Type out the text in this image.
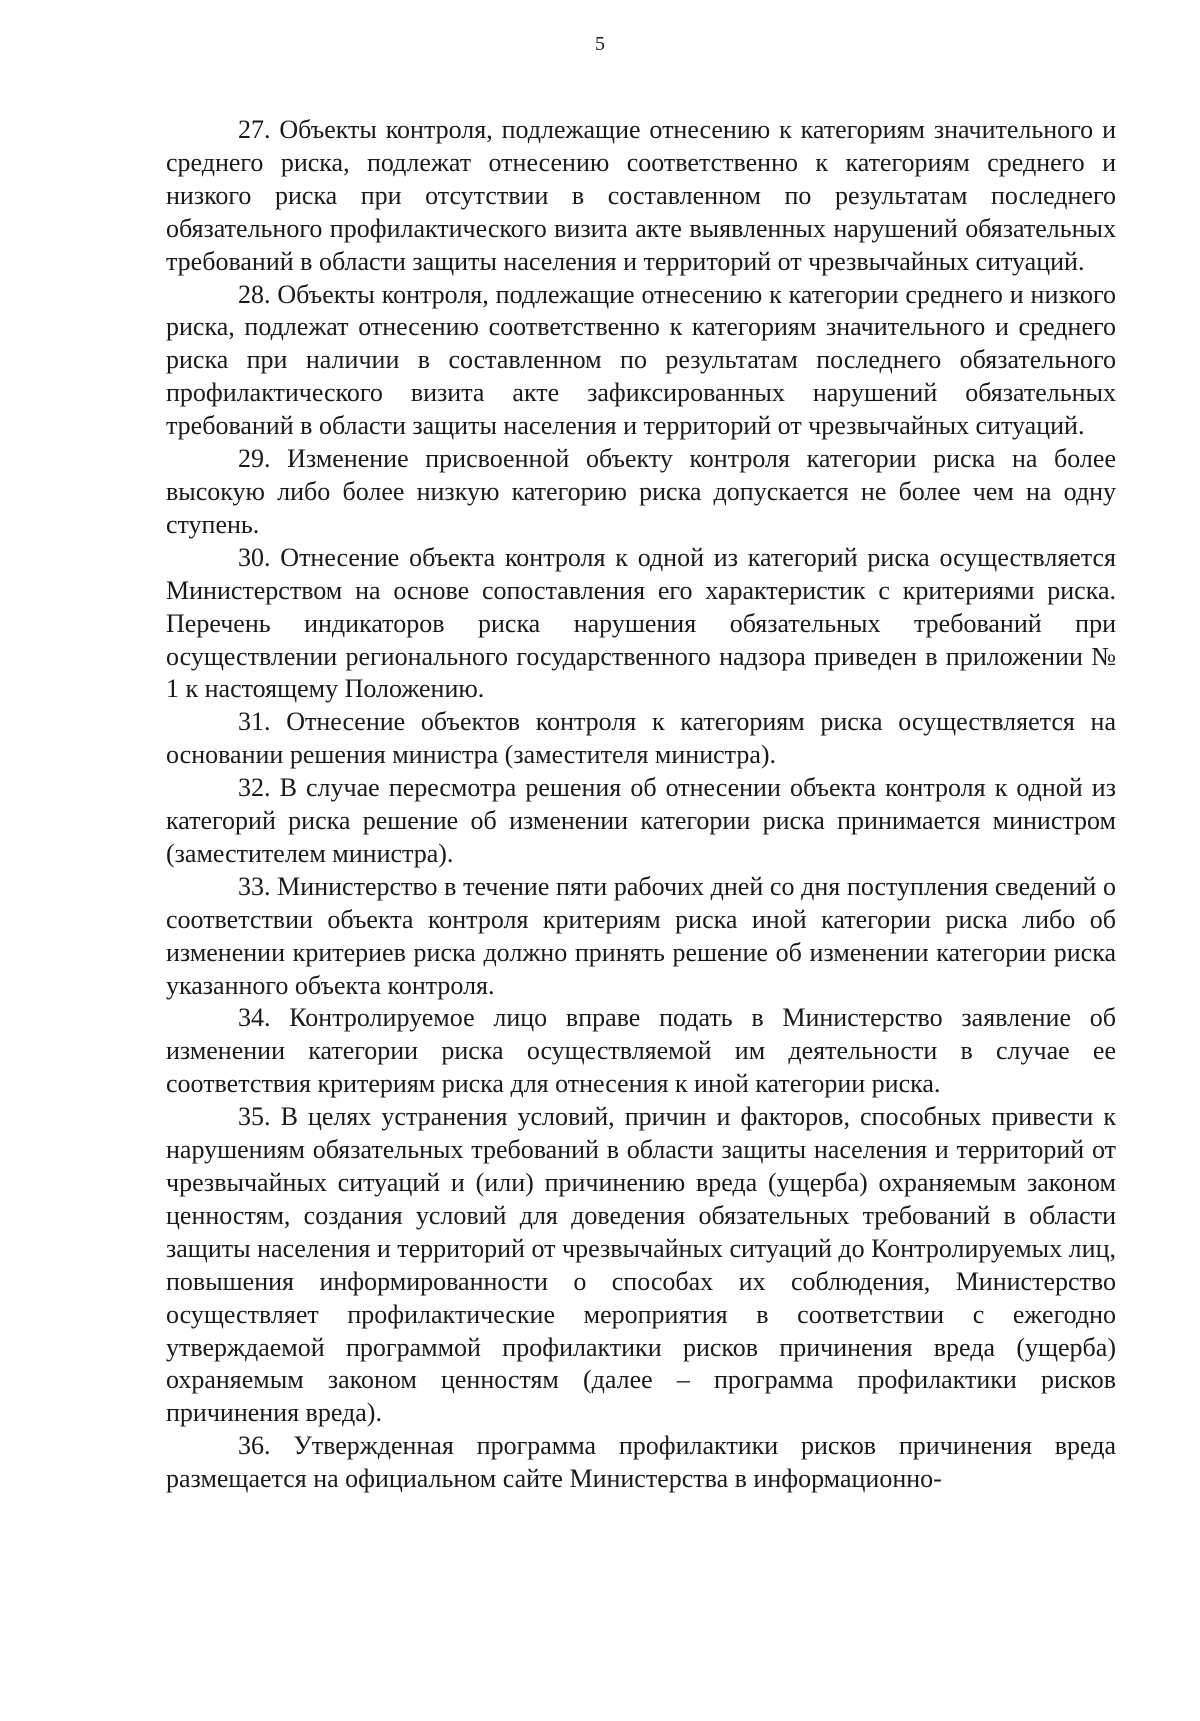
5

27. Объекты контроля, подлежащие отнесению к категориям значительного и среднего риска, подлежат отнесению соответственно к категориям среднего и низкого риска при отсутствии в составленном по результатам последнего обязательного профилактического визита акте выявленных нарушений обязательных требований в области защиты населения и территорий от чрезвычайных ситуаций.

28. Объекты контроля, подлежащие отнесению к категории среднего и низкого риска, подлежат отнесению соответственно к категориям значительного и среднего риска при наличии в составленном по результатам последнего обязательного профилактического визита акте зафиксированных нарушений обязательных требований в области защиты населения и территорий от чрезвычайных ситуаций.

29. Изменение присвоенной объекту контроля категории риска на более высокую либо более низкую категорию риска допускается не более чем на одну ступень.

30. Отнесение объекта контроля к одной из категорий риска осуществляется Министерством на основе сопоставления его характеристик с критериями риска. Перечень индикаторов риска нарушения обязательных требований при осуществлении регионального государственного надзора приведен в приложении № 1 к настоящему Положению.

31. Отнесение объектов контроля к категориям риска осуществляется на основании решения министра (заместителя министра).

32. В случае пересмотра решения об отнесении объекта контроля к одной из категорий риска решение об изменении категории риска принимается министром (заместителем министра).

33. Министерство в течение пяти рабочих дней со дня поступления сведений о соответствии объекта контроля критериям риска иной категории риска либо об изменении критериев риска должно принять решение об изменении категории риска указанного объекта контроля.

34. Контролируемое лицо вправе подать в Министерство заявление об изменении категории риска осуществляемой им деятельности в случае ее соответствия критериям риска для отнесения к иной категории риска.

35. В целях устранения условий, причин и факторов, способных привести к нарушениям обязательных требований в области защиты населения и территорий от чрезвычайных ситуаций и (или) причинению вреда (ущерба) охраняемым законом ценностям, создания условий для доведения обязательных требований в области защиты населения и территорий от чрезвычайных ситуаций до Контролируемых лиц, повышения информированности о способах их соблюдения, Министерство осуществляет профилактические мероприятия в соответствии с ежегодно утверждаемой программой профилактики рисков причинения вреда (ущерба) охраняемым законом ценностям (далее – программа профилактики рисков причинения вреда).

36. Утвержденная программа профилактики рисков причинения вреда размещается на официальном сайте Министерства в информационно-
